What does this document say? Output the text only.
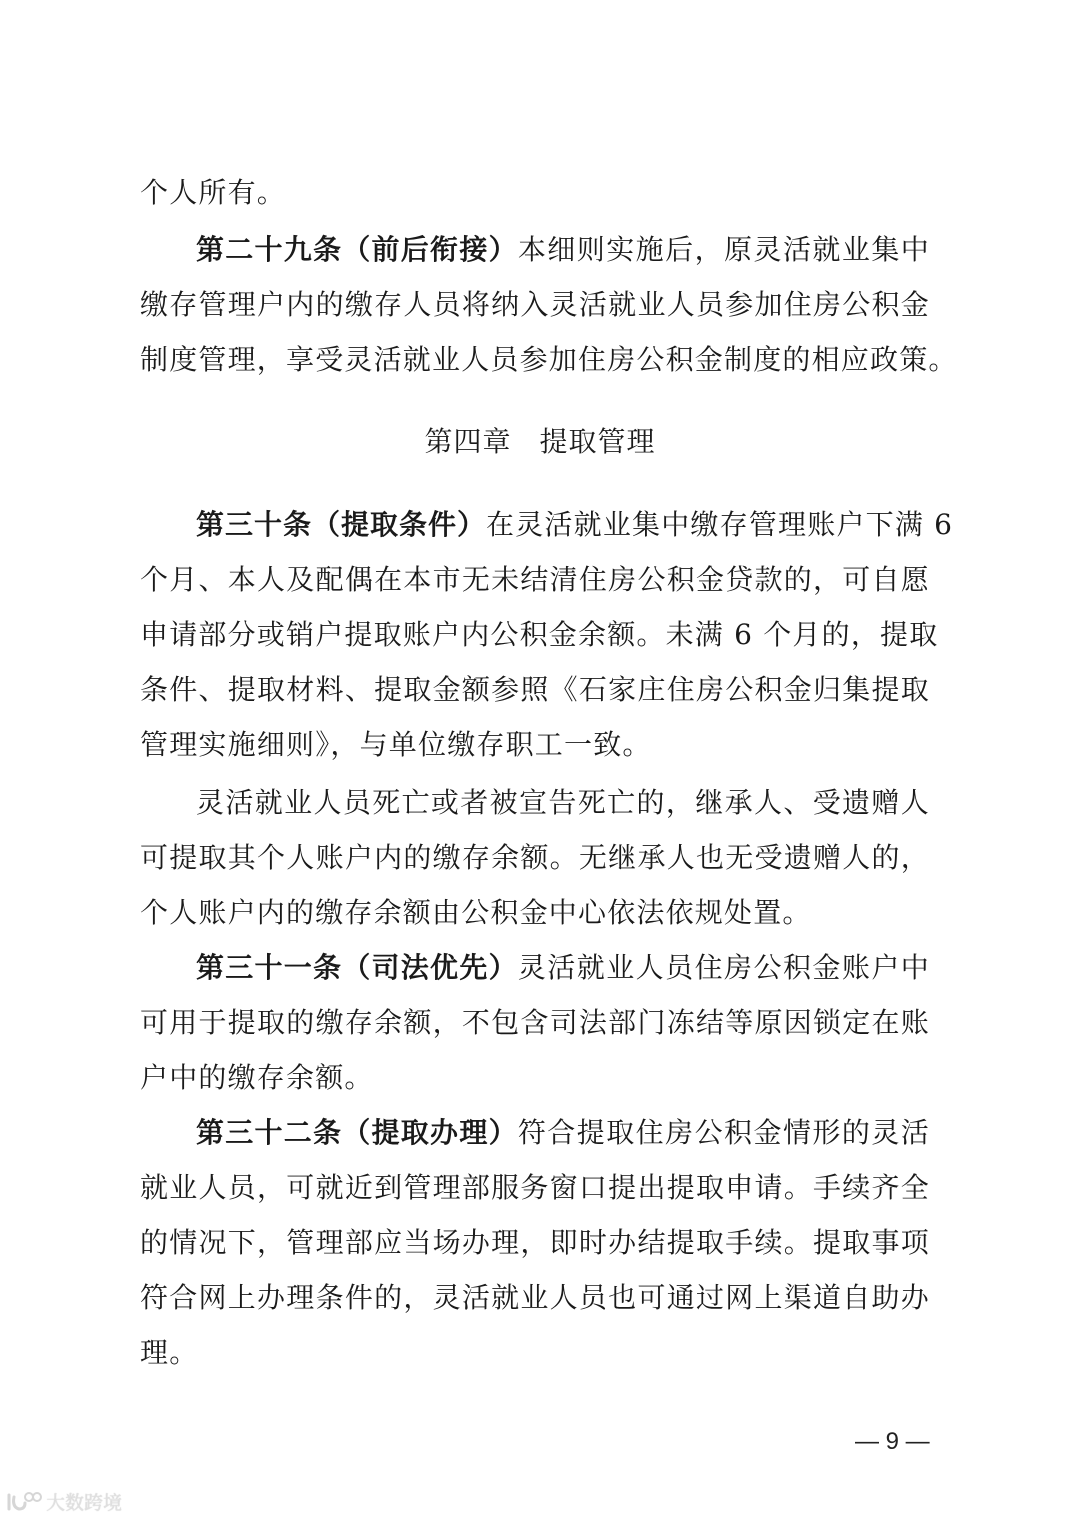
个人所有。
第二十九条（前后衔接）本细则实施后，原灵活就业集中
缴存管理户内的缴存人员将纳入灵活就业人员参加住房公积金
制度管理，享受灵活就业人员参加住房公积金制度的相应政策。
第四章 提取管理
第三十条（提取条件）在灵活就业集中缴存管理账户下满 6
个月、本人及配偶在本市无未结清住房公积金贷款的，可自愿
申请部分或销户提取账户内公积金余额。未满 6 个月的，提取
条件、提取材料、提取金额参照《石家庄住房公积金归集提取
管理实施细则》，与单位缴存职工一致。
灵活就业人员死亡或者被宣告死亡的，继承人、受遗赠人
可提取其个人账户内的缴存余额。无继承人也无受遗赠人的，
个人账户内的缴存余额由公积金中心依法依规处置。
第三十一条（司法优先）灵活就业人员住房公积金账户中
可用于提取的缴存余额，不包含司法部门冻结等原因锁定在账
户中的缴存余额。
第三十二条（提取办理）符合提取住房公积金情形的灵活
就业人员，可就近到管理部服务窗口提出提取申请。手续齐全
的情况下，管理部应当场办理，即时办结提取手续。提取事项
符合网上办理条件的，灵活就业人员也可通过网上渠道自助办
理。
— 9 —
大数跨境
